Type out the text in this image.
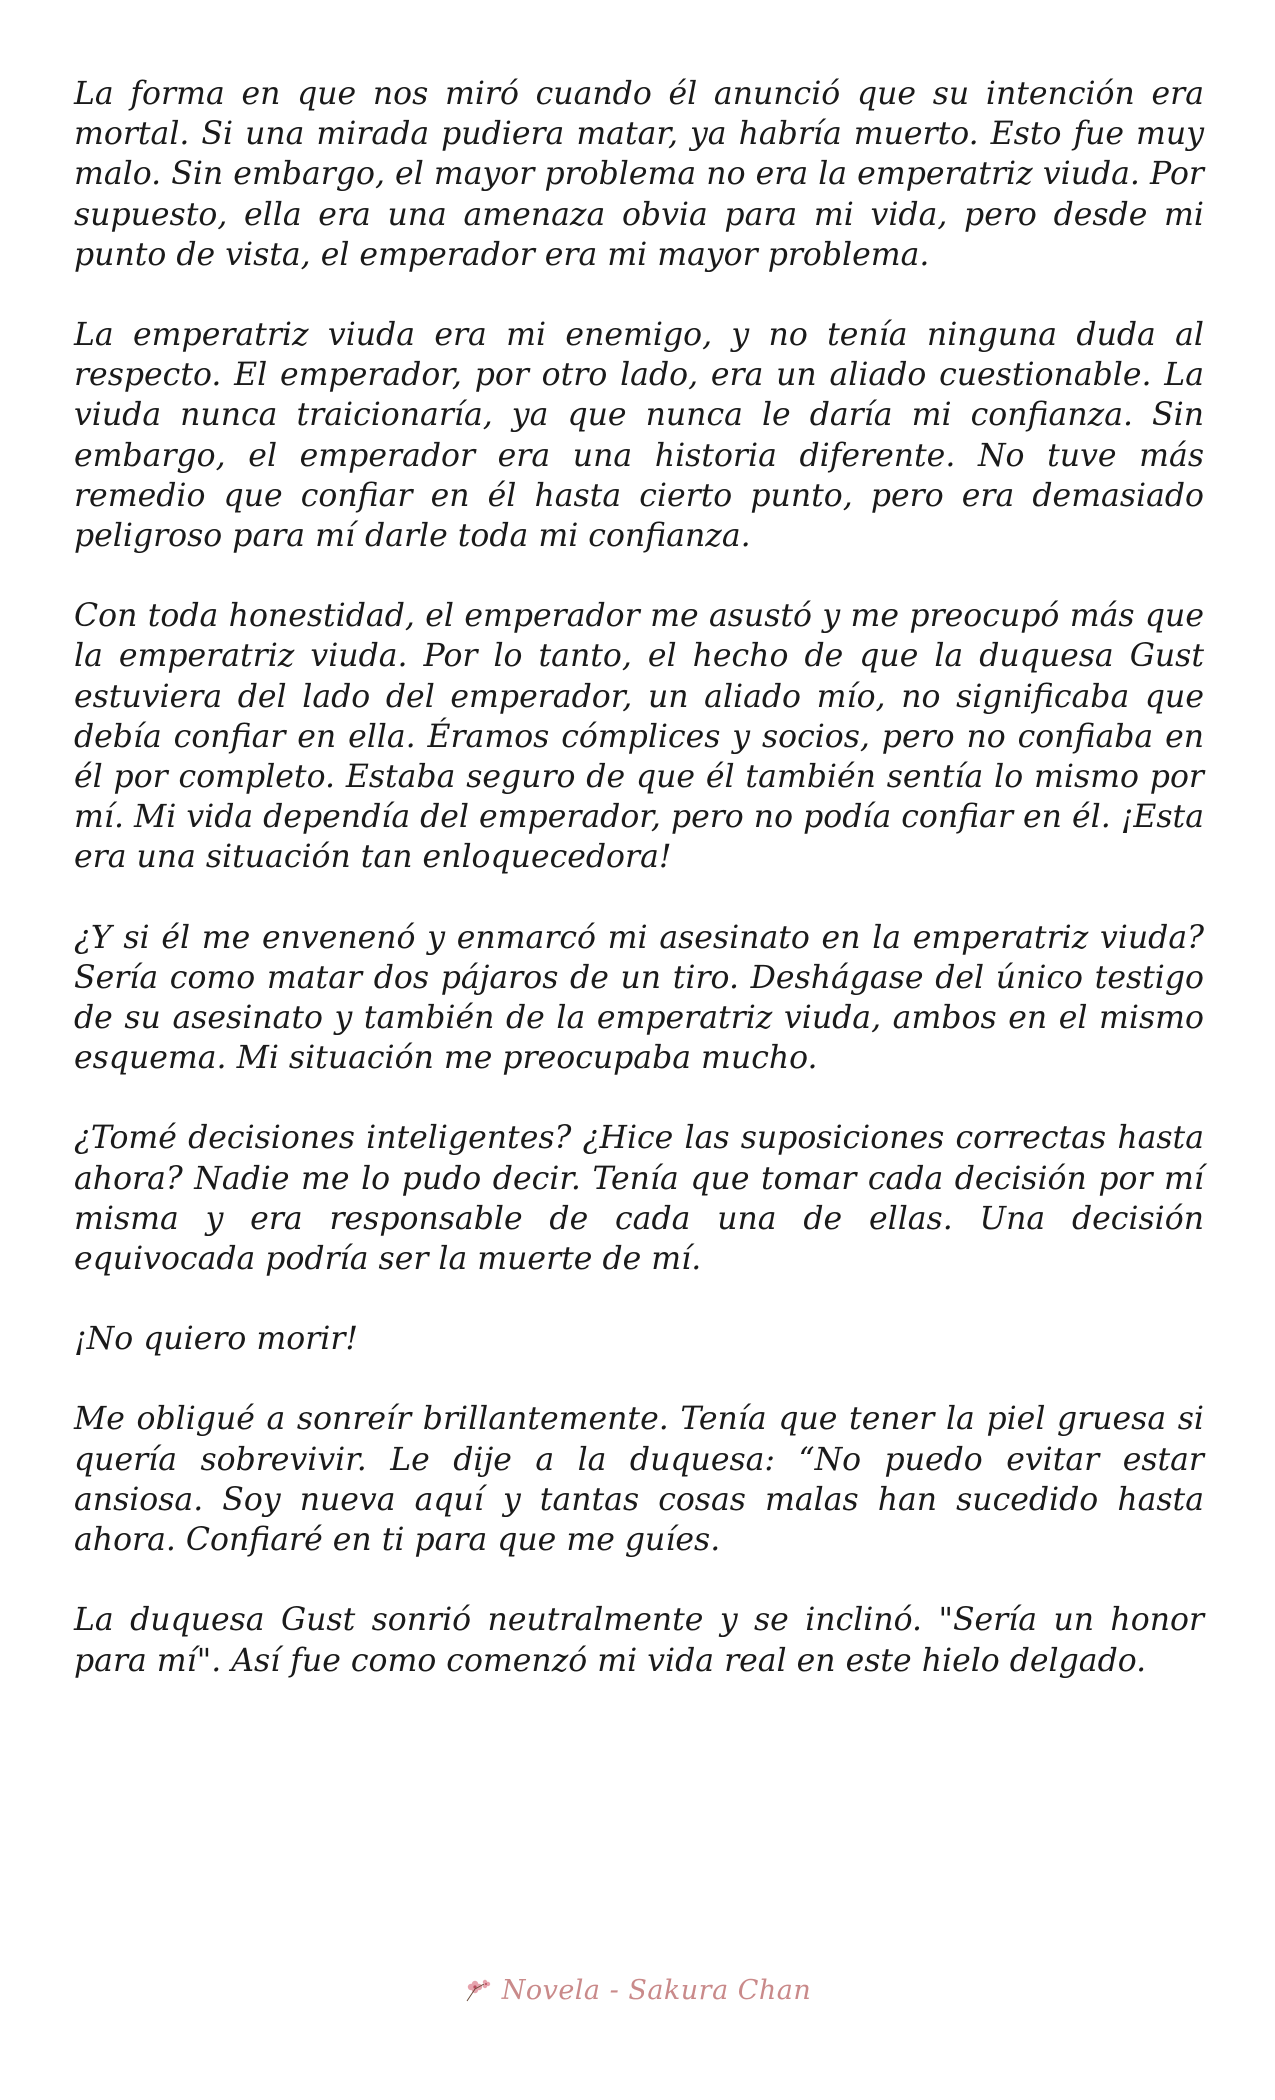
La forma en que nos miró cuando él anunció que su intención era mortal. Si una mirada pudiera matar, ya habría muerto. Esto fue muy malo. Sin embargo, el mayor problema no era la emperatriz viuda. Por supuesto, ella era una amenaza obvia para mi vida, pero desde mi punto de vista, el emperador era mi mayor problema.

La emperatriz viuda era mi enemigo, y no tenía ninguna duda al respecto. El emperador, por otro lado, era un aliado cuestionable. La viuda nunca traicionaría, ya que nunca le daría mi confianza. Sin embargo, el emperador era una historia diferente. No tuve más remedio que confiar en él hasta cierto punto, pero era demasiado peligroso para mí darle toda mi confianza.

Con toda honestidad, el emperador me asustó y me preocupó más que la emperatriz viuda. Por lo tanto, el hecho de que la duquesa Gust estuviera del lado del emperador, un aliado mío, no significaba que debía confiar en ella. Éramos cómplices y socios, pero no confiaba en él por completo. Estaba seguro de que él también sentía lo mismo por mí. Mi vida dependía del emperador, pero no podía confiar en él. ¡Esta era una situación tan enloquecedora!

¿Y si él me envenenó y enmarcó mi asesinato en la emperatriz viuda? Sería como matar dos pájaros de un tiro. Deshágase del único testigo de su asesinato y también de la emperatriz viuda, ambos en el mismo esquema. Mi situación me preocupaba mucho.

¿Tomé decisiones inteligentes? ¿Hice las suposiciones correctas hasta ahora? Nadie me lo pudo decir. Tenía que tomar cada decisión por mí misma y era responsable de cada una de ellas. Una decisión equivocada podría ser la muerte de mí.

¡No quiero morir!

Me obligué a sonreír brillantemente. Tenía que tener la piel gruesa si quería sobrevivir. Le dije a la duquesa: “No puedo evitar estar ansiosa. Soy nueva aquí y tantas cosas malas han sucedido hasta ahora. Confiaré en ti para que me guíes.

La duquesa Gust sonrió neutralmente y se inclinó. "Sería un honor para mí". Así fue como comenzó mi vida real en este hielo delgado.

Novela - Sakura Chan
